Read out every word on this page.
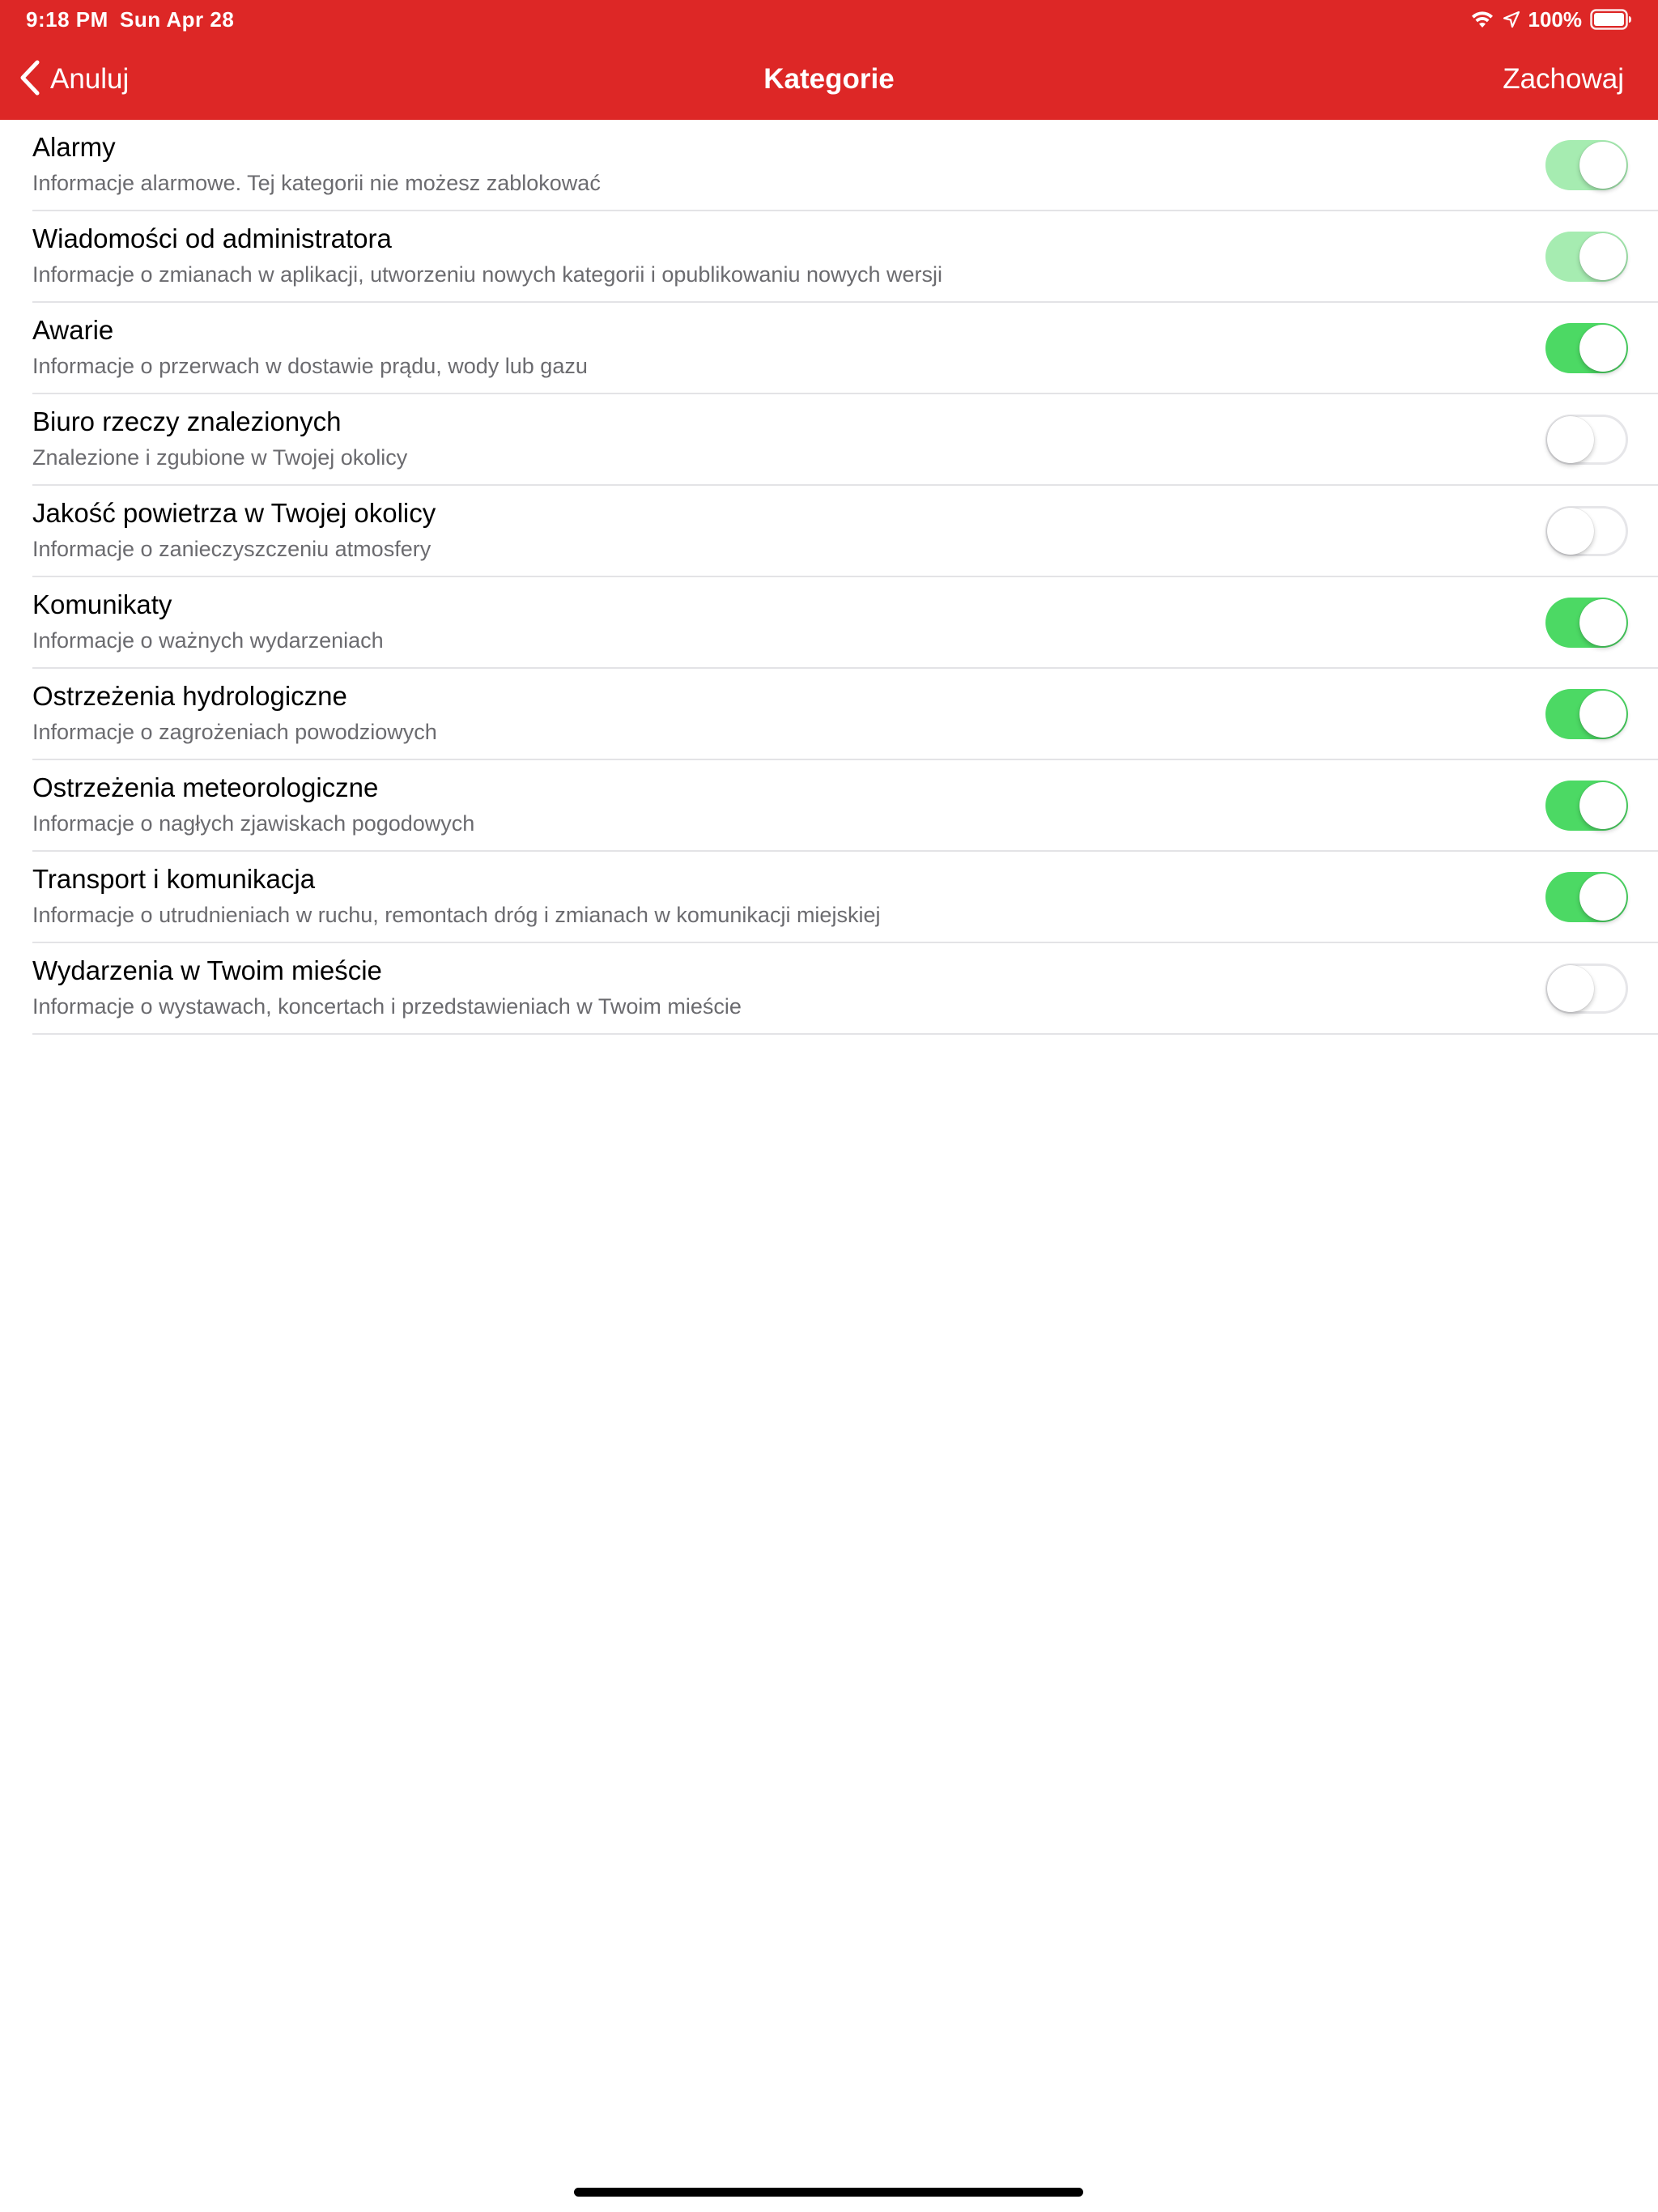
9:18 PM Sun Apr 28	100%
Anuluj	Kategorie	Zachowaj
Alarmy
Informacje alarmowe. Tej kategorii nie możesz zablokować
Wiadomości od administratora
Informacje o zmianach w aplikacji, utworzeniu nowych kategorii i opublikowaniu nowych wersji
Awarie
Informacje o przerwach w dostawie prądu, wody lub gazu
Biuro rzeczy znalezionych
Znalezione i zgubione w Twojej okolicy
Jakość powietrza w Twojej okolicy
Informacje o zanieczyszczeniu atmosfery
Komunikaty
Informacje o ważnych wydarzeniach
Ostrzeżenia hydrologiczne
Informacje o zagrożeniach powodziowych
Ostrzeżenia meteorologiczne
Informacje o nagłych zjawiskach pogodowych
Transport i komunikacja
Informacje o utrudnieniach w ruchu, remontach dróg i zmianach w komunikacji miejskiej
Wydarzenia w Twoim mieście
Informacje o wystawach, koncertach i przedstawieniach w Twoim mieście
